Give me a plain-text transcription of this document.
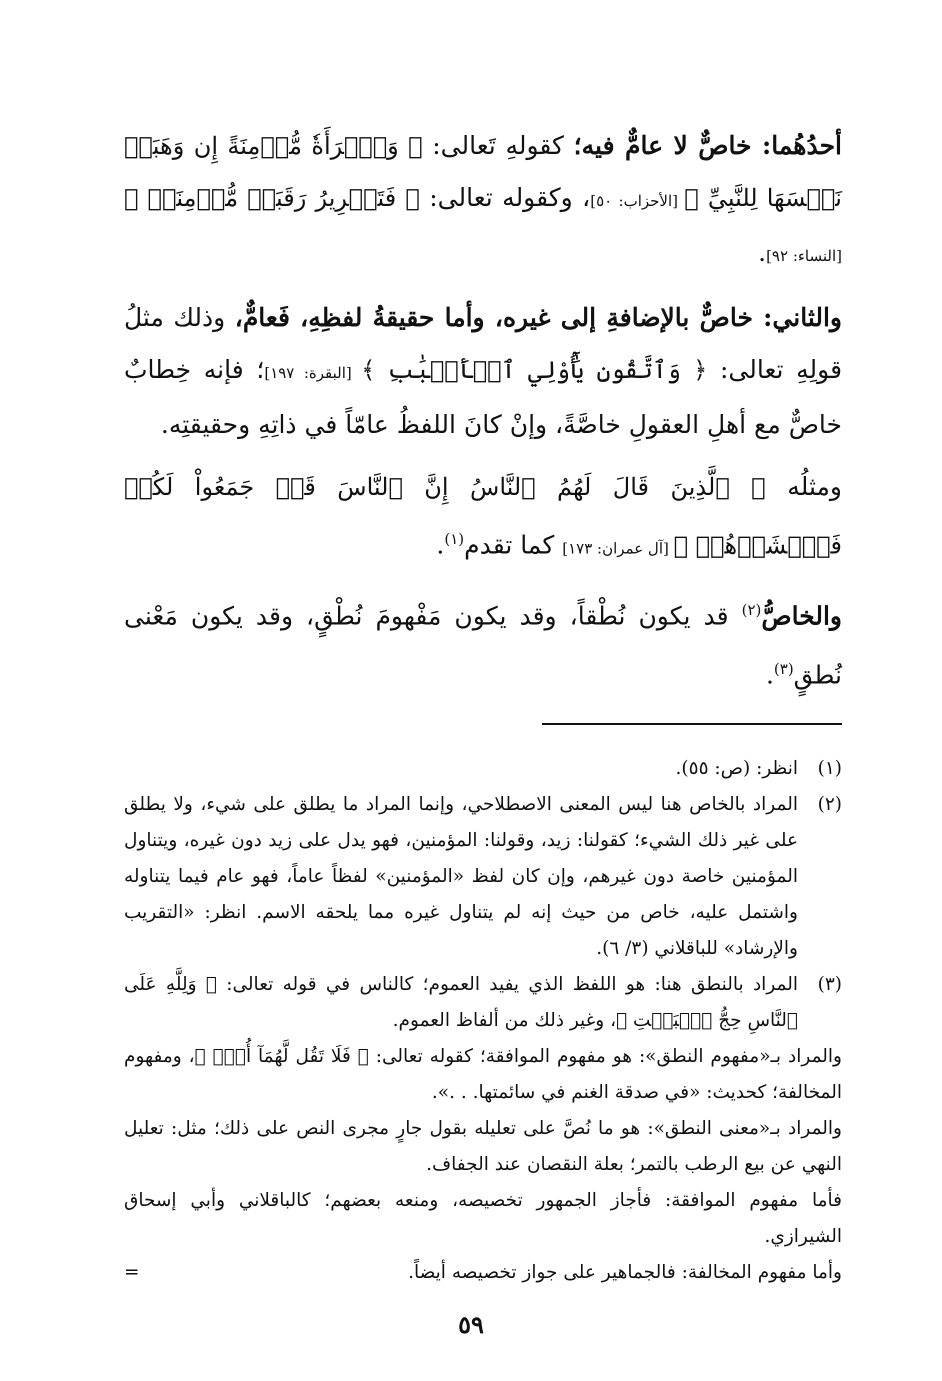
أحدُهُما: خاصٌّ لا عامٌّ فيه؛ كقولهِ تَعالى: ﴿ وَٱمۡرَأَةٗ مُّؤۡمِنَةً إِن وَهَبَتۡ نَفۡسَهَا لِلنَّبِيِّ ﴾ [الأحزاب: ٥٠]، وكقوله تعالى: ﴿ فَتَحۡرِيرُ رَقَبَةٖ مُّؤۡمِنَةٖ ﴾ [النساء: ٩٢].

والثاني: خاصٌّ بالإضافةِ إلى غيره، وأما حقيقةُ لفظِهِ، فَعامٌّ، وذلك مثلُ قولِهِ تعالى: ﴿ وَٱتَّقُونِ يَٰٓأُوْلِي ٱلۡأَلۡبَٰبِ ﴾ [البقرة: ١٩٧]؛ فإنه خِطابٌ خاصٌّ مع أهلِ العقولِ خاصَّةً، وإنْ كانَ اللفظُ عامّاً في ذاتِهِ وحقيقتِه.

ومثلُه ﴿ ٱلَّذِينَ قَالَ لَهُمُ ٱلنَّاسُ إِنَّ ٱلنَّاسَ قَدۡ جَمَعُواْ لَكُمۡ فَٱخۡشَوۡهُمۡ ﴾ [آل عمران: ١٧٣] كما تقدم$^{(١)}$.

والخاصُّ$^{(٢)}$ قد يكون نُطْقاً، وقد يكون مَفْهومَ نُطْقٍ، وقد يكون مَعْنى نُطقٍ$^{(٣)}$.

(١)

انظر: (ص: ٥٥).

(٢)

المراد بالخاص هنا ليس المعنى الاصطلاحي، وإنما المراد ما يطلق على شيء، ولا يطلق على غير ذلك الشيء؛ كقولنا: زيد، وقولنا: المؤمنين، فهو يدل على زيد دون غيره، ويتناول المؤمنين خاصة دون غيرهم، وإن كان لفظ «المؤمنين» لفظاً عاماً، فهو عام فيما يتناوله واشتمل عليه، خاص من حيث إنه لم يتناول غيره مما يلحقه الاسم. انظر: «التقريب والإرشاد» للباقلاني (٣/ ٦).

(٣)

المراد بالنطق هنا: هو اللفظ الذي يفيد العموم؛ كالناس في قوله تعالى: ﴿ وَلِلَّهِ عَلَى ٱلنَّاسِ حِجُّ ٱلۡبَيۡتِ ﴾، وغير ذلك من ألفاظ العموم.

والمراد بـ«مفهوم النطق»: هو مفهوم الموافقة؛ كقوله تعالى: ﴿ فَلَا تَقُل لَّهُمَآ أُفّٖ ﴾، ومفهوم المخالفة؛ كحديث: «في صدقة الغنم في سائمتها. . .».

والمراد بـ«معنى النطق»: هو ما نُصَّ على تعليله بقول جارٍ مجرى النص على ذلك؛ مثل: تعليل النهي عن بيع الرطب بالتمر؛ بعلة النقصان عند الجفاف.

فأما مفهوم الموافقة: فأجاز الجمهور تخصيصه، ومنعه بعضهم؛ كالباقلاني وأبي إسحاق الشيرازي.

وأما مفهوم المخالفة: فالجماهير على جواز تخصيصه أيضاً.

=
٥٩
